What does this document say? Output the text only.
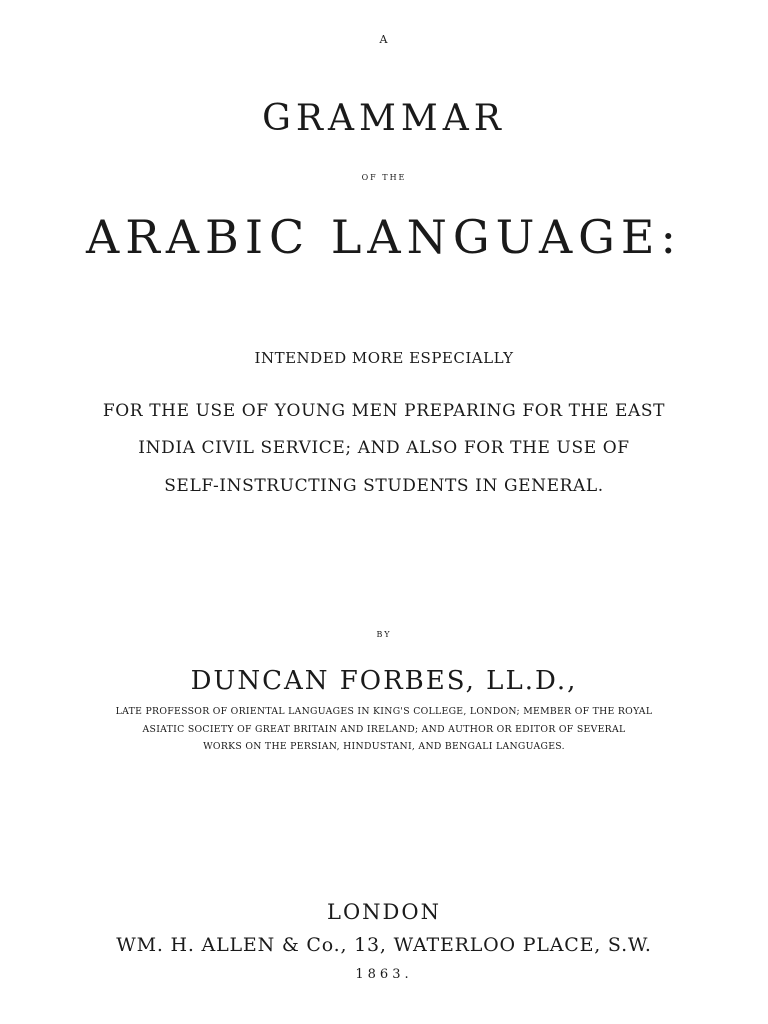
A
GRAMMAR
OF THE
ARABIC LANGUAGE:
INTENDED MORE ESPECIALLY
FOR THE USE OF YOUNG MEN PREPARING FOR THE EAST
INDIA CIVIL SERVICE; AND ALSO FOR THE USE OF
SELF-INSTRUCTING STUDENTS IN GENERAL.
BY
DUNCAN FORBES, LL.D.,
LATE PROFESSOR OF ORIENTAL LANGUAGES IN KING'S COLLEGE, LONDON; MEMBER OF THE ROYAL
ASIATIC SOCIETY OF GREAT BRITAIN AND IRELAND; AND AUTHOR OR EDITOR OF SEVERAL
WORKS ON THE PERSIAN, HINDUSTANI, AND BENGALI LANGUAGES.
LONDON
WM. H. ALLEN & Co., 13, WATERLOO PLACE, S.W.
1863.
